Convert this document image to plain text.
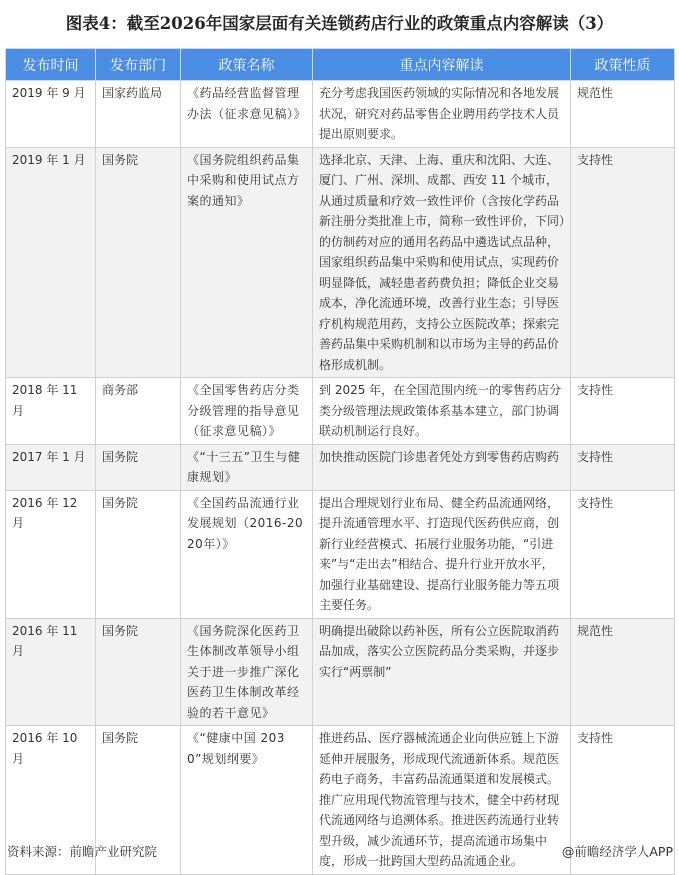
图表4：截至2026年国家层面有关连锁药店行业的政策重点内容解读（3）
发布时间	发布部门	政策名称	重点内容解读	政策性质
2019 年 9 月	国家药监局	《药品经营监督管理办法（征求意见稿）》	充分考虑我国医药领域的实际情况和各地发展状况，研究对药品零售企业聘用药学技术人员提出原则要求。	规范性
2019 年 1 月	国务院	《国务院组织药品集中采购和使用试点方案的通知》	选择北京、天津、上海、重庆和沈阳、大连、厦门、广州、深圳、成都、西安 11 个城市，从通过质量和疗效一致性评价（含按化学药品新注册分类批准上市，简称一致性评价，下同）的仿制药对应的通用名药品中遴选试点品种，国家组织药品集中采购和使用试点，实现药价明显降低，减轻患者药费负担；降低企业交易成本，净化流通环境，改善行业生态；引导医疗机构规范用药，支持公立医院改革；探索完善药品集中采购机制和以市场为主导的药品价格形成机制。	支持性
2018 年 11 月	商务部	《全国零售药店分类分级管理的指导意见（征求意见稿）》	到 2025 年，在全国范围内统一的零售药店分类分级管理法规政策体系基本建立，部门协调联动机制运行良好。	支持性
2017 年 1 月	国务院	《“十三五”卫生与健康规划》	加快推动医院门诊患者凭处方到零售药店购药	支持性
2016 年 12 月	国务院	《全国药品流通行业发展规划（2016-2020年）》	提出合理规划行业布局、健全药品流通网络，提升流通管理水平、打造现代医药供应商，创新行业经营模式、拓展行业服务功能，“引进来”与“走出去”相结合、提升行业开放水平，加强行业基础建设、提高行业服务能力等五项主要任务。	支持性
2016 年 11 月	国务院	《国务院深化医药卫生体制改革领导小组关于进一步推广深化医药卫生体制改革经验的若干意见》	明确提出破除以药补医，所有公立医院取消药品加成，落实公立医院药品分类采购，并逐步实行“两票制”	规范性
2016 年 10 月	国务院	《“健康中国 2030”规划纲要》	推进药品、医疗器械流通企业向供应链上下游延伸开展服务，形成现代流通新体系。规范医药电子商务，丰富药品流通渠道和发展模式。推广应用现代物流管理与技术，健全中药材现代流通网络与追溯体系。推进医药流通行业转型升级，减少流通环节，提高流通市场集中度，形成一批跨国大型药品流通企业。	支持性
资料来源：前瞻产业研究院	@前瞻经济学人APP
